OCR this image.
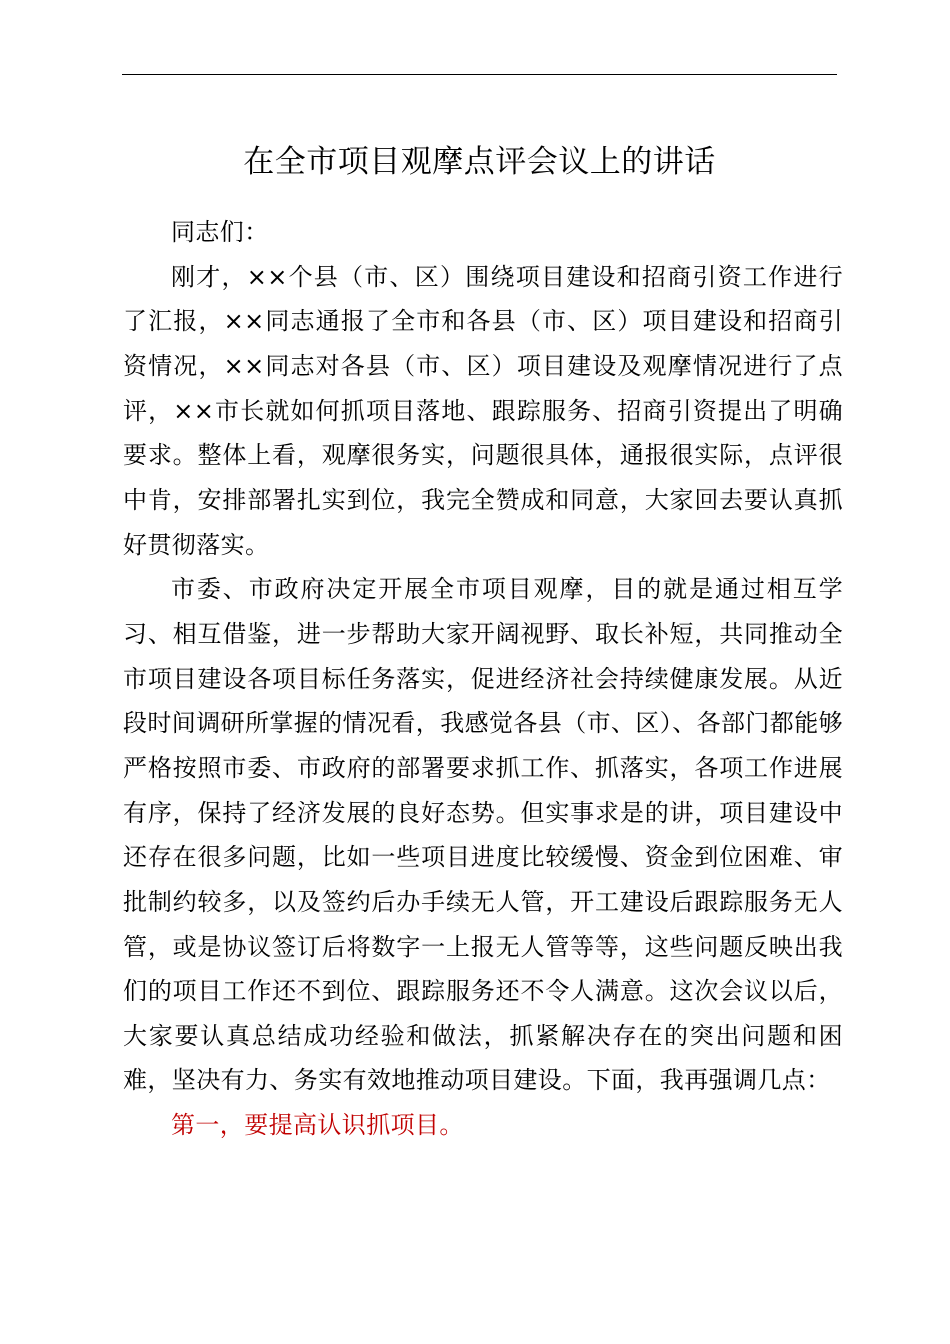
在全市项目观摩点评会议上的讲话

同志们：

刚才，××个县（市、区）围绕项目建设和招商引资工作进行了汇报，××同志通报了全市和各县（市、区）项目建设和招商引资情况，××同志对各县（市、区）项目建设及观摩情况进行了点评，××市长就如何抓项目落地、跟踪服务、招商引资提出了明确要求。整体上看，观摩很务实，问题很具体，通报很实际，点评很中肯，安排部署扎实到位，我完全赞成和同意，大家回去要认真抓好贯彻落实。

市委、市政府决定开展全市项目观摩，目的就是通过相互学习、相互借鉴，进一步帮助大家开阔视野、取长补短，共同推动全市项目建设各项目标任务落实，促进经济社会持续健康发展。从近段时间调研所掌握的情况看，我感觉各县（市、区）、各部门都能够严格按照市委、市政府的部署要求抓工作、抓落实，各项工作进展有序，保持了经济发展的良好态势。但实事求是的讲，项目建设中还存在很多问题，比如一些项目进度比较缓慢、资金到位困难、审批制约较多，以及签约后办手续无人管，开工建设后跟踪服务无人管，或是协议签订后将数字一上报无人管等等，这些问题反映出我们的项目工作还不到位、跟踪服务还不令人满意。这次会议以后，大家要认真总结成功经验和做法，抓紧解决存在的突出问题和困难，坚决有力、务实有效地推动项目建设。下面，我再强调几点：

第一，要提高认识抓项目。
